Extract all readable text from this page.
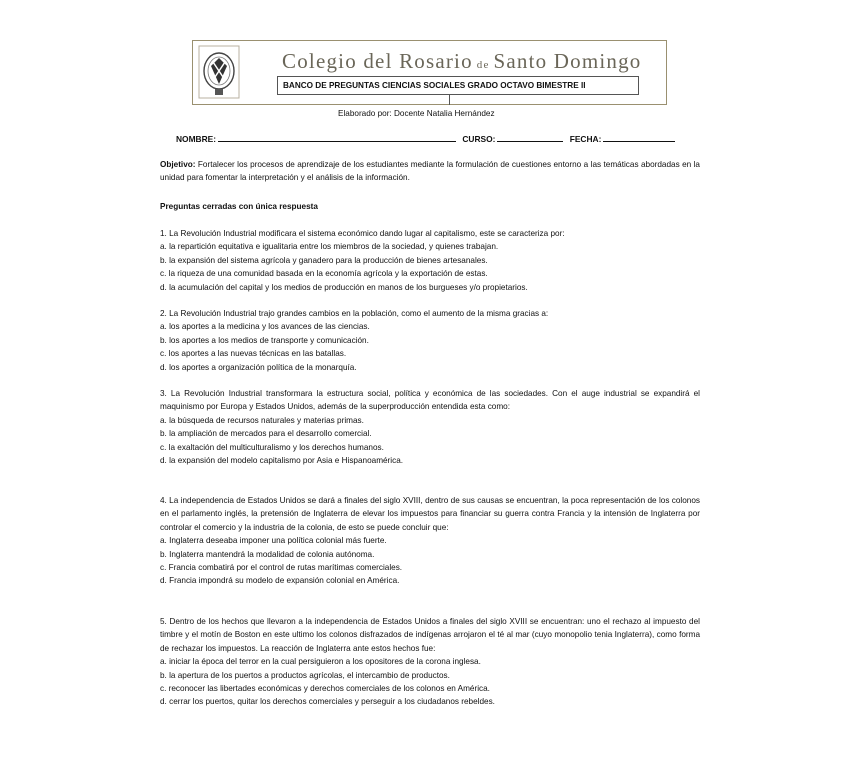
Colegio del Rosario de Santo Domingo
BANCO DE PREGUNTAS CIENCIAS SOCIALES GRADO OCTAVO BIMESTRE II
Elaborado por: Docente Natalia Hernández
NOMBRE:	CURSO:	FECHA:
Objetivo: Fortalecer los procesos de aprendizaje de los estudiantes mediante la formulación de cuestiones entorno a las temáticas abordadas en la unidad para fomentar la interpretación y el análisis de la información.
Preguntas cerradas con única respuesta

1. La Revolución Industrial modificara el sistema económico dando lugar al capitalismo, este se caracteriza por:

a. la repartición equitativa e igualitaria entre los miembros de la sociedad, y quienes trabajan.

b. la expansión del sistema agrícola y ganadero para la producción de bienes artesanales.

c. la riqueza de una comunidad basada en la economía agrícola y la exportación de estas.

d. la acumulación del capital y los medios de producción en manos de los burgueses y/o propietarios.

2. La Revolución Industrial trajo grandes cambios en la población, como el aumento de la misma gracias a:

a. los aportes a la medicina y los avances de las ciencias.

b. los aportes a los medios de transporte y comunicación.

c. los aportes a las nuevas técnicas en las batallas.

d. los aportes a organización política de la monarquía.

3. La Revolución Industrial transformara la estructura social, política y económica de las sociedades. Con el auge industrial se expandirá el maquinismo por Europa y Estados Unidos, además de la superproducción entendida esta como:

a. la búsqueda de recursos naturales y materias primas.

b. la ampliación de mercados para el desarrollo comercial.

c. la exaltación del multiculturalismo y los derechos humanos.

d. la expansión del modelo capitalismo por Asia e Hispanoamérica.

4. La independencia de Estados Unidos se dará a finales del siglo XVIII, dentro de sus causas se encuentran, la poca representación de los colonos en el parlamento inglés, la pretensión de Inglaterra de elevar los impuestos para financiar su guerra contra Francia y la intensión de Inglaterra por controlar el comercio y la industria de la colonia, de esto se puede concluir que:

a. Inglaterra deseaba imponer una política colonial más fuerte.

b. Inglaterra mantendrá la modalidad de colonia autónoma.

c. Francia combatirá por el control de rutas marítimas comerciales.

d. Francia impondrá su modelo de expansión colonial en América.

5. Dentro de los hechos que llevaron a la independencia de Estados Unidos a finales del siglo XVIII se encuentran: uno el rechazo al impuesto del timbre y el motín de Boston en este ultimo los colonos disfrazados de indígenas arrojaron el té al mar (cuyo monopolio tenia Inglaterra), como forma de rechazar los impuestos. La reacción de Inglaterra ante estos hechos fue:

a. iniciar la época del terror en la cual persiguieron a los opositores de la corona inglesa.

b. la apertura de los puertos a productos agrícolas, el intercambio de productos.

c. reconocer las libertades económicas y derechos comerciales de los colonos en América.

d. cerrar los puertos, quitar los derechos comerciales y perseguir a los ciudadanos rebeldes.
